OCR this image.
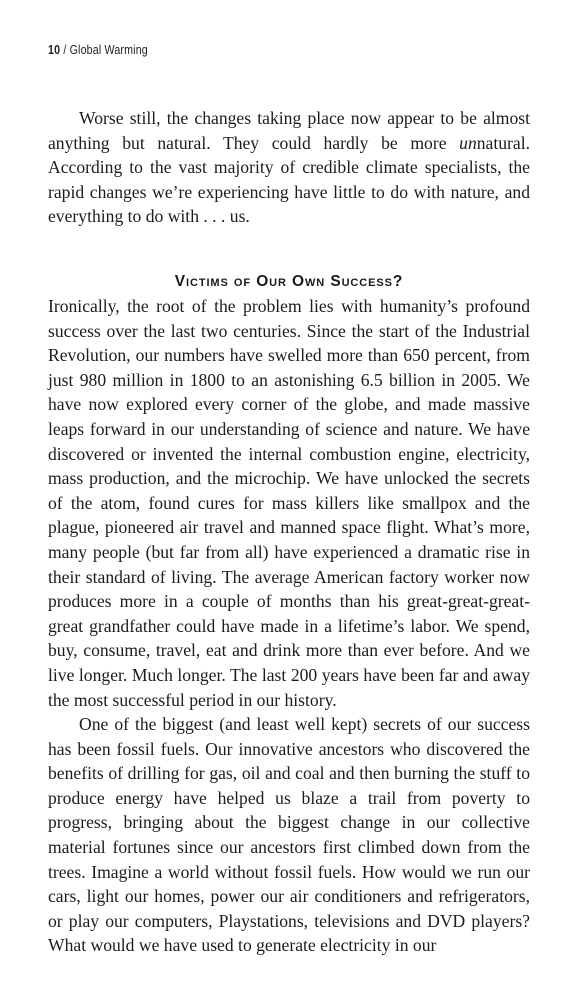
10 / Global Warming

Worse still, the changes taking place now appear to be almost anything but natural. They could hardly be more unnatural. According to the vast majority of credible climate specialists, the rapid changes we’re experiencing have little to do with nature, and everything to do with . . . us.

Victims of Our Own Success?

Ironically, the root of the problem lies with humanity’s profound success over the last two centuries. Since the start of the Industrial Revolution, our numbers have swelled more than 650 percent, from just 980 million in 1800 to an astonishing 6.5 billion in 2005. We have now explored every corner of the globe, and made massive leaps forward in our understanding of science and nature. We have discovered or invented the internal combustion engine, electricity, mass production, and the microchip. We have unlocked the secrets of the atom, found cures for mass killers like smallpox and the plague, pioneered air travel and manned space flight. What’s more, many people (but far from all) have experienced a dramatic rise in their standard of living. The average American factory worker now produces more in a couple of months than his great-great-great-great grandfather could have made in a lifetime’s labor. We spend, buy, consume, travel, eat and drink more than ever before. And we live longer. Much longer. The last 200 years have been far and away the most successful period in our history.

One of the biggest (and least well kept) secrets of our success has been fossil fuels. Our innovative ancestors who discovered the benefits of drilling for gas, oil and coal and then burning the stuff to produce energy have helped us blaze a trail from poverty to progress, bringing about the biggest change in our collective material fortunes since our ancestors first climbed down from the trees. Imagine a world without fossil fuels. How would we run our cars, light our homes, power our air conditioners and refrigerators, or play our computers, Playstations, televisions and DVD players? What would we have used to generate electricity in our
